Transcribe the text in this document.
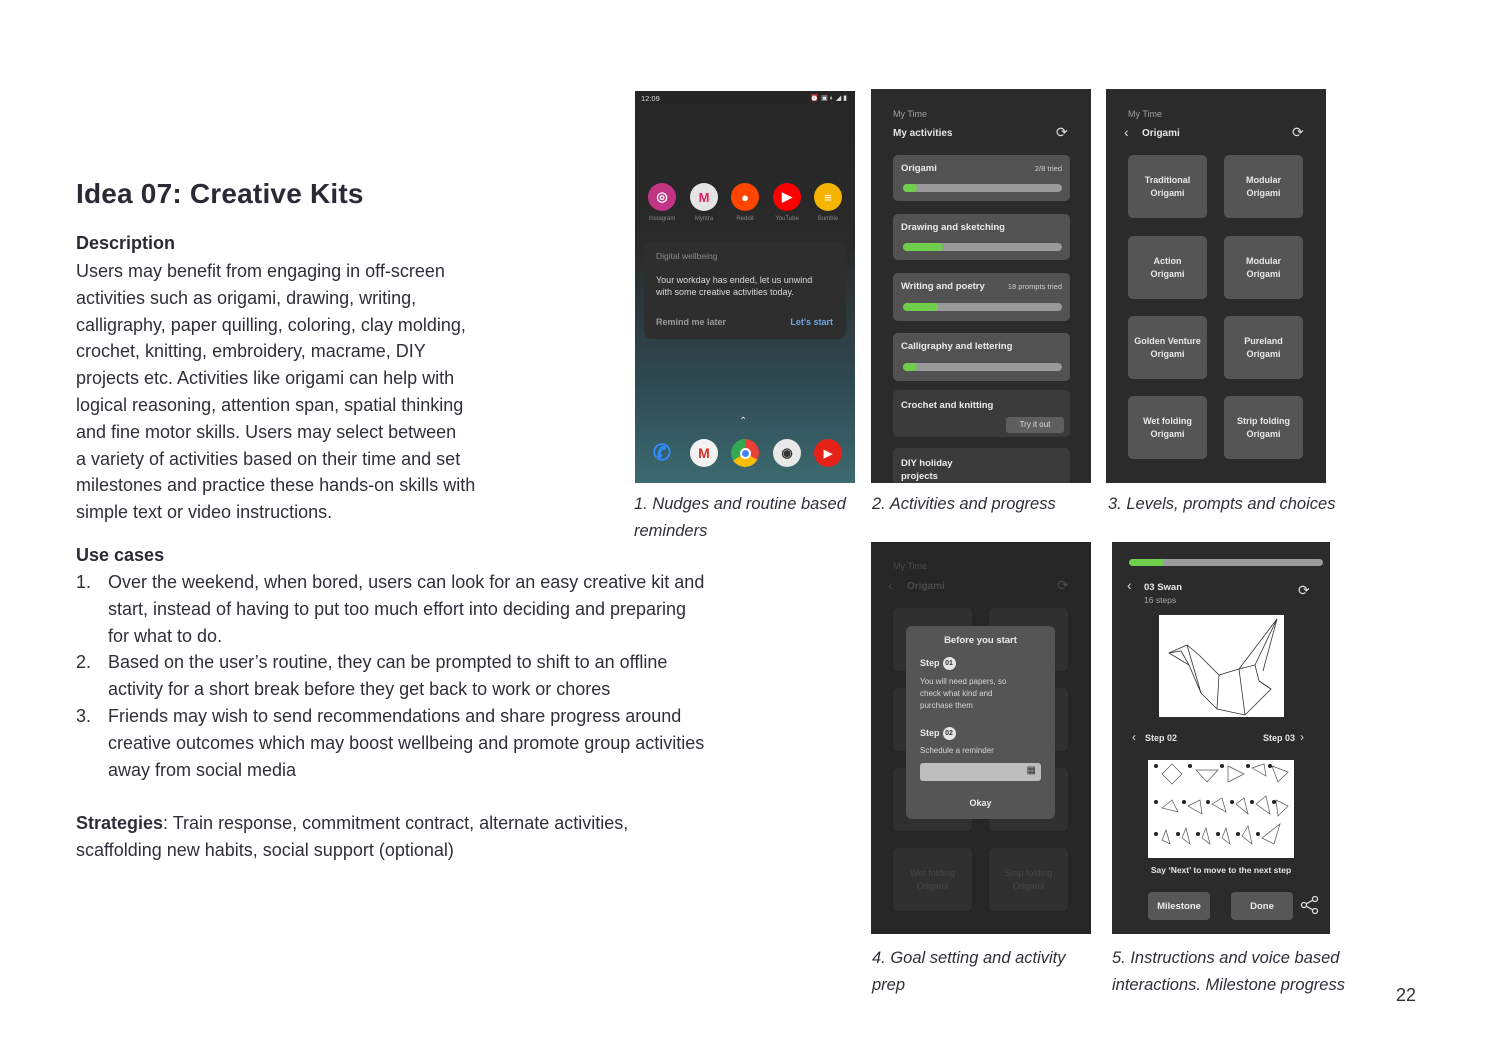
Idea 07: Creative Kits
Description
Users may benefit from engaging in off-screen
activities such as origami, drawing, writing,
calligraphy, paper quilling, coloring, clay molding,
crochet, knitting, embroidery, macrame, DIY
projects etc. Activities like origami can help with
logical reasoning, attention span, spatial thinking
and fine motor skills. Users may select between
a variety of activities based on their time and set
milestones and practice these hands-on skills with
simple text or video instructions.
Use cases
1. Over the weekend, when bored, users can look for an easy creative kit and
start, instead of having to put too much effort into deciding and preparing
for what to do.
2. Based on the user’s routine, they can be prompted to shift to an offline
activity for a short break before they get back to work or chores
3. Friends may wish to send recommendations and share progress around
creative outcomes which may boost wellbeing and promote group activities
away from social media
Strategies: Train response, commitment contract, alternate activities,
scaffolding new habits, social support (optional)
12:09	⏰ ▣ ◐ ◢ ▮
◎ M ●	▶ ≡
Instagram	Myntra	Reddit	YouTube	Bumble
Digital wellbeing
Your workday has ended, let us unwind
with some creative activities today.
Remind me later	Let's start
⌃
✆	M	◉	▶
My Time
My activities	⟳
Origami	2/8 tried
Drawing and sketching
Writing and poetry	18 prompts tried
Calligraphy and lettering
Crochet and knitting
Try it out
DIY holiday
projects
My Time
‹ Origami	⟳
Traditional
Origami
Modular
Origami
Action
Origami
Modular
Origami
Golden Venture
Origami
Pureland
Origami
Wet folding
Origami
Strip folding
Origami
My Time
‹ Origami	⟳
Wet folding
Origami
Strip folding
Origami
Before you start
Step 01
You will need papers, so
check what kind and
purchase them
Step 02
Schedule a reminder
▦
Okay
‹ 03 Swan
16 steps
⟳
‹ Step 02	Step 03 ›
Say ‘Next’ to move to the next step
Milestone	Done
1. Nudges and routine based
reminders
2. Activities and progress	3. Levels, prompts and choices
4. Goal setting and activity
prep
5. Instructions and voice based
interactions. Milestone progress	22
